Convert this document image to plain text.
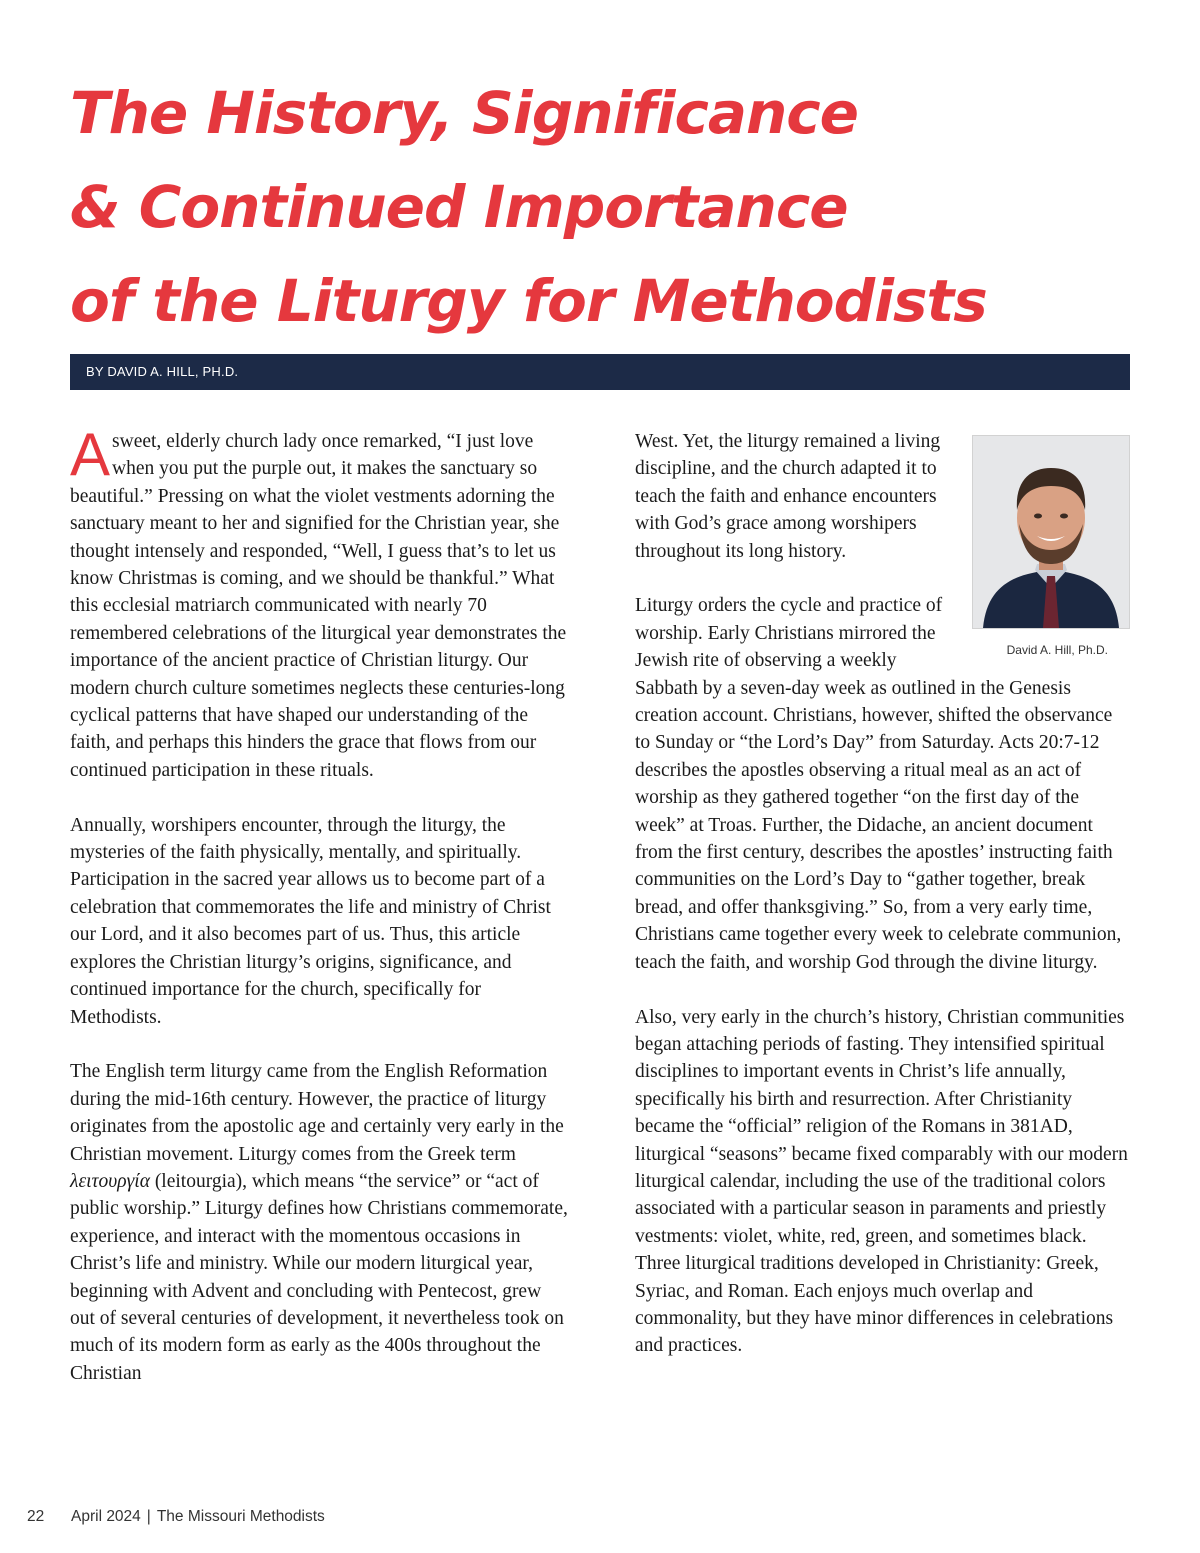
The History, Significance
& Continued Importance
of the Liturgy for Methodists
BY DAVID A. HILL, PH.D.

Asweet, elderly church lady once remarked, “I just love when you put the purple out, it makes the sanctuary so beautiful.” Pressing on what the violet vestments adorning the sanctuary meant to her and signified for the Christian year, she thought intensely and responded, “Well, I guess that’s to let us know Christmas is coming, and we should be thankful.” What this ecclesial matriarch communicated with nearly 70 remembered celebrations of the liturgical year demonstrates the importance of the ancient practice of Christian liturgy. Our modern church culture sometimes neglects these centuries-long cyclical patterns that have shaped our understanding of the faith, and perhaps this hinders the grace that flows from our continued participation in these rituals.

Annually, worshipers encounter, through the liturgy, the mysteries of the faith physically, mentally, and spiritually. Participation in the sacred year allows us to become part of a celebration that commemorates the life and ministry of Christ our Lord, and it also becomes part of us. Thus, this article explores the Christian liturgy’s origins, significance, and continued importance for the church, specifically for Methodists.

The English term liturgy came from the English Reformation during the mid-16th century. However, the practice of liturgy originates from the apostolic age and certainly very early in the Christian movement. Liturgy comes from the Greek term λειτουργία (leitourgia), which means “the service” or “act of public worship.” Liturgy defines how Christians commemorate, experience, and interact with the momentous occasions in Christ’s life and ministry. While our modern liturgical year, beginning with Advent and concluding with Pentecost, grew out of several centuries of development, it nevertheless took on much of its modern form as early as the 400s throughout the Christian

David A. Hill, Ph.D.

West. Yet, the liturgy remained a living discipline, and the church adapted it to teach the faith and enhance encounters with God’s grace among worshipers throughout its long history.

Liturgy orders the cycle and practice of worship. Early Christians mirrored the Jewish rite of observing a weekly Sabbath by a seven-day week as outlined in the Genesis creation account. Christians, however, shifted the observance to Sunday or “the Lord’s Day” from Saturday. Acts 20:7-12 describes the apostles observing a ritual meal as an act of worship as they gathered together “on the first day of the week” at Troas. Further, the Didache, an ancient document from the first century, describes the apostles’ instructing faith communities on the Lord’s Day to “gather together, break bread, and offer thanksgiving.” So, from a very early time, Christians came together every week to celebrate communion, teach the faith, and worship God through the divine liturgy.

Also, very early in the church’s history, Christian communities began attaching periods of fasting. They intensified spiritual disciplines to important events in Christ’s life annually, specifically his birth and resurrection. After Christianity became the “official” religion of the Romans in 381AD, liturgical “seasons” became fixed comparably with our modern liturgical calendar, including the use of the traditional colors associated with a particular season in paraments and priestly vestments: violet, white, red, green, and sometimes black. Three liturgical traditions developed in Christianity: Greek, Syriac, and Roman. Each enjoys much overlap and commonality, but they have minor differences in celebrations and practices.

22 April 2024 | The Missouri Methodists
